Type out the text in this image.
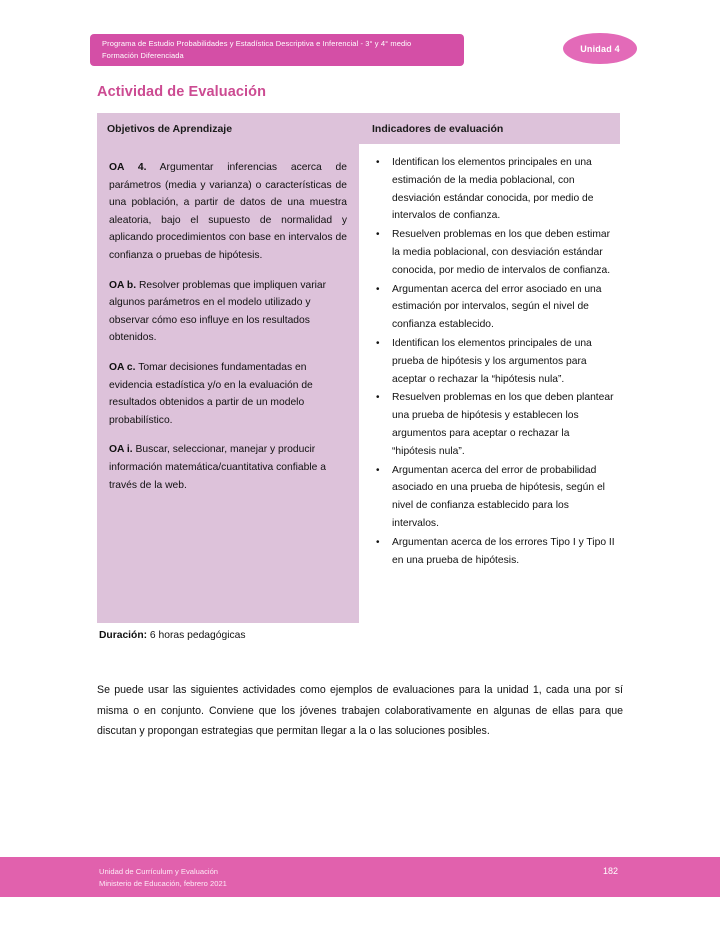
Programa de Estudio Probabilidades y Estadística Descriptiva e Inferencial - 3° y 4° medio
Formación Diferenciada
Unidad 4
Actividad de Evaluación
Objetivos de Aprendizaje	Indicadores de evaluación

OA 4. Argumentar inferencias acerca de parámetros (media y varianza) o características de una población, a partir de datos de una muestra aleatoria, bajo el supuesto de normalidad y aplicando procedimientos con base en intervalos de confianza o pruebas de hipótesis.

OA b. Resolver problemas que impliquen variar algunos parámetros en el modelo utilizado y observar cómo eso influye en los resultados obtenidos.

OA c. Tomar decisiones fundamentadas en evidencia estadística y/o en la evaluación de resultados obtenidos a partir de un modelo probabilístico.

OA i. Buscar, seleccionar, manejar y producir información matemática/cuantitativa confiable a través de la web.

• Identifican los elementos principales en una estimación de la media poblacional, con desviación estándar conocida, por medio de intervalos de confianza.
• Resuelven problemas en los que deben estimar la media poblacional, con desviación estándar conocida, por medio de intervalos de confianza.
• Argumentan acerca del error asociado en una estimación por intervalos, según el nivel de confianza establecido.
• Identifican los elementos principales de una prueba de hipótesis y los argumentos para aceptar o rechazar la “hipótesis nula”.
• Resuelven problemas en los que deben plantear una prueba de hipótesis y establecen los argumentos para aceptar o rechazar la “hipótesis nula”.
• Argumentan acerca del error de probabilidad asociado en una prueba de hipótesis, según el nivel de confianza establecido para los intervalos.
• Argumentan acerca de los errores Tipo I y Tipo II en una prueba de hipótesis.
Duración: 6 horas pedagógicas
Se puede usar las siguientes actividades como ejemplos de evaluaciones para la unidad 1, cada una por sí misma o en conjunto. Conviene que los jóvenes trabajen colaborativamente en algunas de ellas para que discutan y propongan estrategias que permitan llegar a la o las soluciones posibles.
Unidad de Currículum y Evaluación
Ministerio de Educación, febrero 2021
182
